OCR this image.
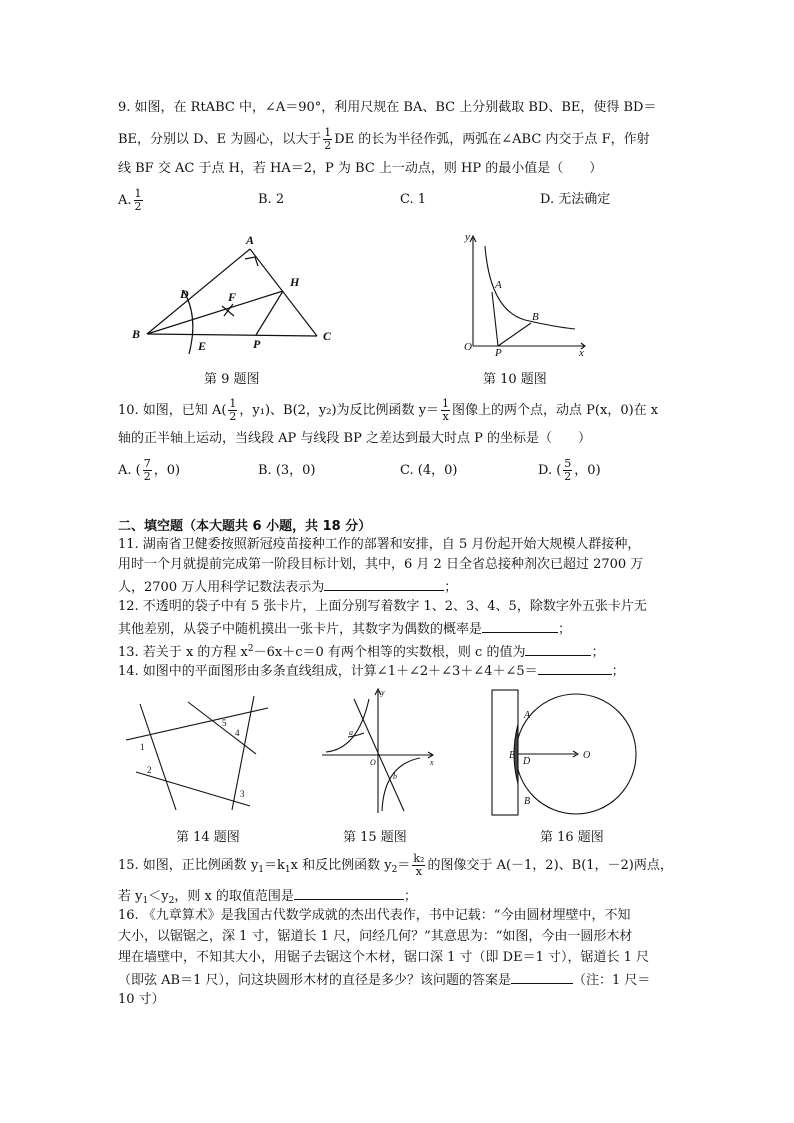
9. 如图，在 RtABC 中，∠A＝90°，利用尺规在 BA、BC 上分别截取 BD、BE，使得 BD＝
BE，分别以 D、E 为圆心，以大于 $\frac{1}{2}$ DE 的长为半径作弧，两弧在∠ABC 内交于点 F，作射
线 BF 交 AC 于点 H，若 HA＝2，P 为 BC 上一动点，则 HP 的最小值是（　　）
A. $\frac{1}{2}$	B. 2	C. 1	D. 无法确定
A
B	C
D
E
F
H
P
第 9 题图
y
x
O
A
B
P
第 10 题图
10. 如图，已知 $A( \frac{1}{2}$ ，y₁)、B(2，y₂)为反比例函数 $y= \frac{1}{x}$ 图像上的两个点，动点 P(x，0)在 x
轴的正半轴上运动，当线段 AP 与线段 BP 之差达到最大时点 P 的坐标是（　　）
A. ( $\frac{7}{2}$ ，0)	B. (3，0)	C. (4，0)	D. ( $\frac{5}{2}$ ，0)
二、填空题（本大题共 6 小题，共 18 分）
11. 湖南省卫健委按照新冠疫苗接种工作的部署和安排，自 5 月份起开始大规模人群接种，
用时一个月就提前完成第一阶段目标计划，其中，6 月 2 日全省总接种剂次已超过 2700 万
人，2700 万人用科学记数法表示为	；
12. 不透明的袋子中有 5 张卡片，上面分别写着数字 1、2、3、4、5，除数字外五张卡片无
其他差别，从袋子中随机摸出一张卡片，其数字为偶数的概率是	；
13. 若关于 x 的方程 $x^2-6x+c=0$ 有两个相等的实数根，则 c 的值为	；
14. 如图中的平面图形由多条直线组成，计算∠1＋∠2＋∠3＋∠4＋∠5＝	；
1
2
3
4
5
第 14 题图
y
x
O
a
b
第 15 题图
A
B
E
D
O
第 16 题图
15. 如图，正比例函数 $y_1=k_1x$ 和反比例函数 $y_2= \frac{\text{k₂}}{x}$ 的图像交于 A(－1，2)、B(1，－2)两点，
若 $y_1<y_2$，则 x 的取值范围是	；
16. 《九章算术》是我国古代数学成就的杰出代表作，书中记载：“今由圆材埋壁中，不知
大小，以锯锯之，深 1 寸，锯道长 1 尺，问经几何？”其意思为：“如图，今由一圆形木材
埋在墙壁中，不知其大小，用锯子去锯这个木材，锯口深 1 寸（即 DE＝1 寸），锯道长 1 尺
（即弦 AB＝1 尺），问这块圆形木材的直径是多少？该问题的答案是	（注：1 尺＝
10 寸）
